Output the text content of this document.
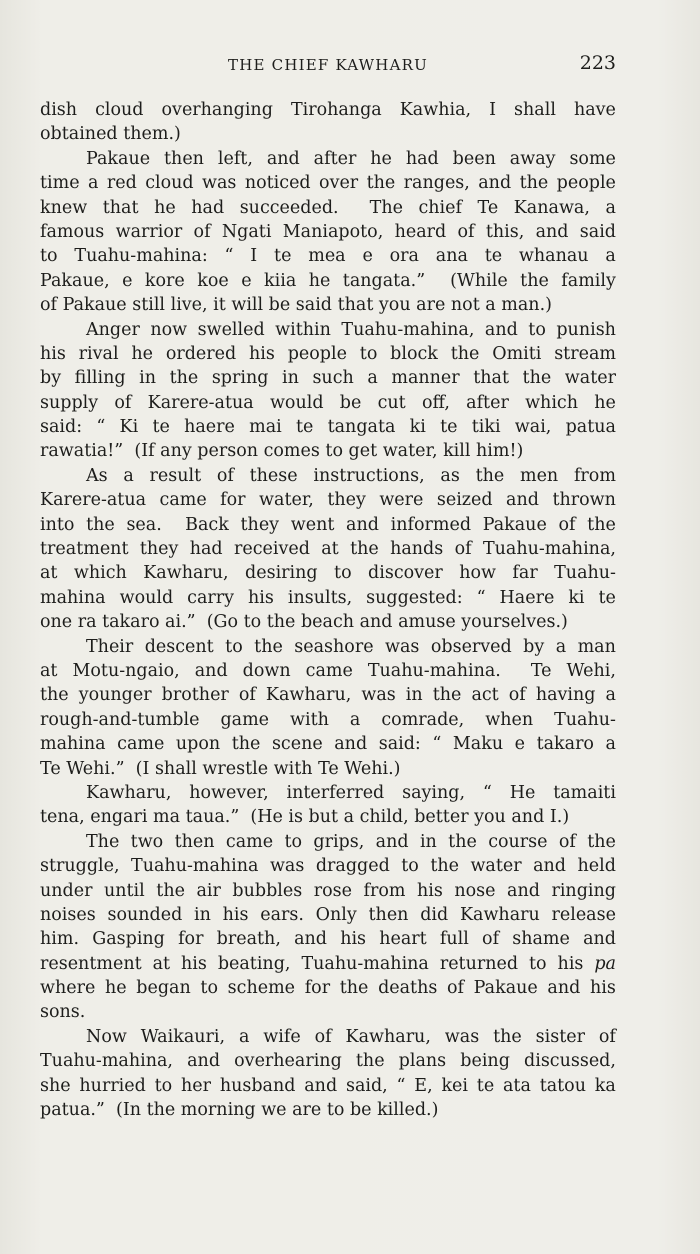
THE CHIEF KAWHARU	223
dish cloud overhanging Tirohanga Kawhia, I shall have
obtained them.)
Pakaue then left, and after he had been away some
time a red cloud was noticed over the ranges, and the people
knew that he had succeeded. The chief Te Kanawa, a
famous warrior of Ngati Maniapoto, heard of this, and said
to Tuahu-mahina: “ I te mea e ora ana te whanau a
Pakaue, e kore koe e kiia he tangata.” (While the family
of Pakaue still live, it will be said that you are not a man.)
Anger now swelled within Tuahu-mahina, and to punish
his rival he ordered his people to block the Omiti stream
by filling in the spring in such a manner that the water
supply of Karere-atua would be cut off, after which he
said: “ Ki te haere mai te tangata ki te tiki wai, patua
rawatia!”  (If any person comes to get water, kill him!)
As a result of these instructions, as the men from
Karere-atua came for water, they were seized and thrown
into the sea. Back they went and informed Pakaue of the
treatment they had received at the hands of Tuahu-mahina,
at which Kawharu, desiring to discover how far Tuahu-
mahina would carry his insults, suggested: “ Haere ki te
one ra takaro ai.”  (Go to the beach and amuse yourselves.)
Their descent to the seashore was observed by a man
at Motu-ngaio, and down came Tuahu-mahina. Te Wehi,
the younger brother of Kawharu, was in the act of having a
rough-and-tumble game with a comrade, when Tuahu-
mahina came upon the scene and said: “ Maku e takaro a
Te Wehi.”  (I shall wrestle with Te Wehi.)
Kawharu, however, interferred saying, “ He tamaiti
tena, engari ma taua.”  (He is but a child, better you and I.)
The two then came to grips, and in the course of the
struggle, Tuahu-mahina was dragged to the water and held
under until the air bubbles rose from his nose and ringing
noises sounded in his ears. Only then did Kawharu release
him. Gasping for breath, and his heart full of shame and
resentment at his beating, Tuahu-mahina returned to his pa
where he began to scheme for the deaths of Pakaue and his
sons.
Now Waikauri, a wife of Kawharu, was the sister of
Tuahu-mahina, and overhearing the plans being discussed,
she hurried to her husband and said, “ E, kei te ata tatou ka
patua.”  (In the morning we are to be killed.)
